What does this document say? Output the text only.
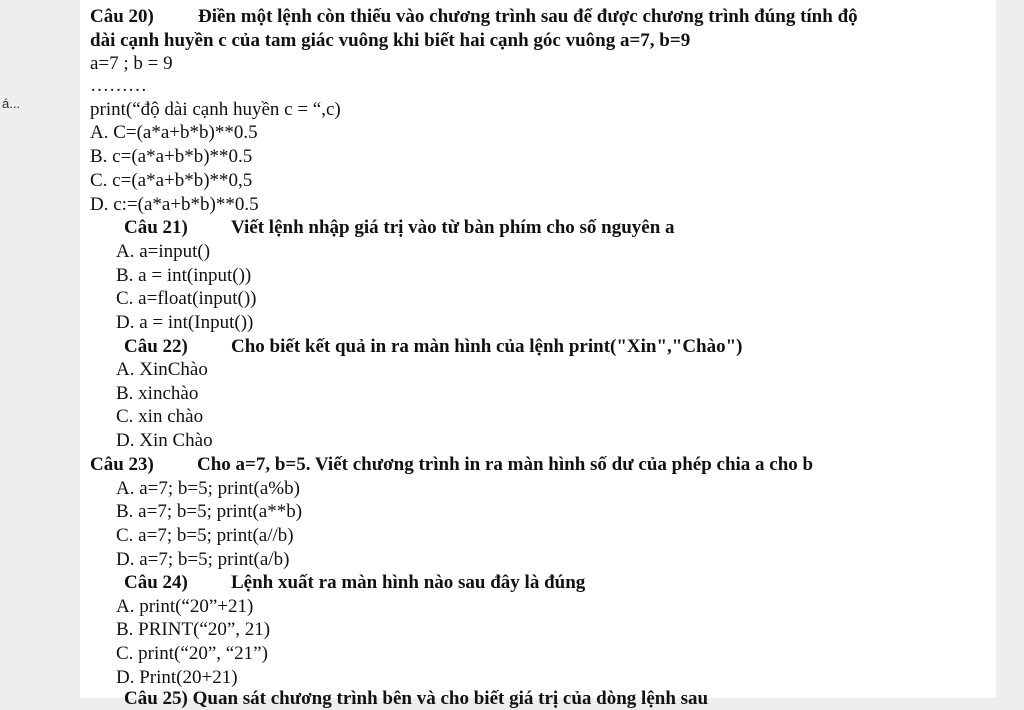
á...
Câu 20) Điền một lệnh còn thiếu vào chương trình sau để được chương trình đúng tính độ
dài cạnh huyền c của tam giác vuông khi biết hai cạnh góc vuông a=7, b=9
a=7 ; b = 9
………
print(“độ dài cạnh huyền c = “,c)
A. C=(a*a+b*b)**0.5
B. c=(a*a+b*b)**0.5
C. c=(a*a+b*b)**0,5
D. c:=(a*a+b*b)**0.5
Câu 21) Viết lệnh nhập giá trị vào từ bàn phím cho số nguyên a
A. a=input()
B. a = int(input())
C. a=float(input())
D. a = int(Input())
Câu 22) Cho biết kết quả in ra màn hình của lệnh print("Xin","Chào")
A. XinChào
B. xinchào
C. xin chào
D. Xin Chào
Câu 23) Cho a=7, b=5. Viết chương trình in ra màn hình số dư của phép chia a cho b
A. a=7; b=5; print(a%b)
B. a=7; b=5; print(a**b)
C. a=7; b=5; print(a//b)
D. a=7; b=5; print(a/b)
Câu 24) Lệnh xuất ra màn hình nào sau đây là đúng
A. print(“20”+21)
B. PRINT(“20”, 21)
C. print(“20”, “21”)
D. Print(20+21)
Câu 25) Quan sát chương trình bên và cho biết giá trị của dòng lệnh sau
